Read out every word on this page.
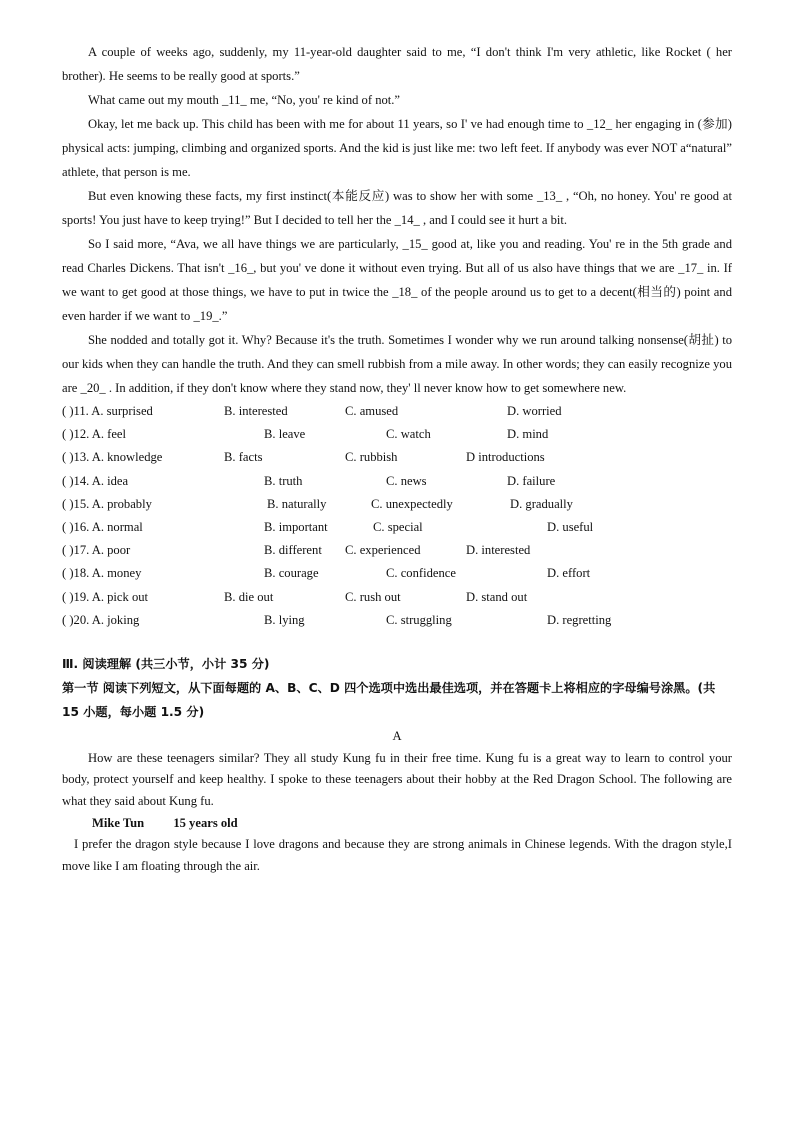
A couple of weeks ago, suddenly, my 11-year-old daughter said to me, “I don't think I'm very athletic, like Rocket ( her brother). He seems to be really good at sports.”

What came out my mouth _11_ me, “No, you' re kind of not.”

Okay, let me back up. This child has been with me for about 11 years, so I' ve had enough time to _12_ her engaging in (参加) physical acts: jumping, climbing and organized sports. And the kid is just like me: two left feet. If anybody was ever NOT a“natural” athlete, that person is me.

But even knowing these facts, my first instinct(本能反应) was to show her with some _13_ , “Oh, no honey. You' re good at sports! You just have to keep trying!” But I decided to tell her the _14_ , and I could see it hurt a bit.

So I said more, “Ava, we all have things we are particularly, _15_ good at, like you and reading. You' re in the 5th grade and read Charles Dickens. That isn't _16_, but you' ve done it without even trying. But all of us also have things that we are _17_ in. If we want to get good at those things, we have to put in twice the _18_ of the people around us to get to a decent(相当的) point and even harder if we want to _19_.”

She nodded and totally got it. Why? Because it's the truth. Sometimes I wonder why we run around talking nonsense(胡扯) to our kids when they can handle the truth. And they can smell rubbish from a mile away. In other words; they can easily recognize you are _20_ . In addition, if they don't know where they stand now, they' ll never know how to get somewhere new.

( )11. A. surprised	B. interested	C. amused	D. worried
( )12. A. feel	B. leave	C. watch	D. mind
( )13. A. knowledge	B. facts	C. rubbish	D introductions
( )14. A. idea	B. truth	C. news	D. failure
( )15. A. probably	B. naturally	C. unexpectedly	D. gradually
( )16. A. normal	B. important	C. special	D. useful
( )17. A. poor	B. different C. experienced	D. interested
( )18. A. money	B. courage	C. confidence	D. effort
( )19. A. pick out	B. die out	C. rush out	D. stand out
( )20. A. joking	B. lying	C. struggling	D. regretting

Ⅲ. 阅读理解 (共三小节，小计 35 分)

第一节 阅读下列短文，从下面每题的 A、B、C、D 四个选项中选出最佳选项，并在答题卡上将相应的字母编号涂黑。(共 15 小题，每小题 1.5 分)

A

How are these teenagers similar? They all study Kung fu in their free time. Kung fu is a great way to learn to control your body, protect yourself and keep healthy. I spoke to these teenagers about their hobby at the Red Dragon School. The following are what they said about Kung fu.

Mike Tun 15 years old

I prefer the dragon style because I love dragons and because they are strong animals in Chinese legends. With the dragon style,I move like I am floating through the air.
